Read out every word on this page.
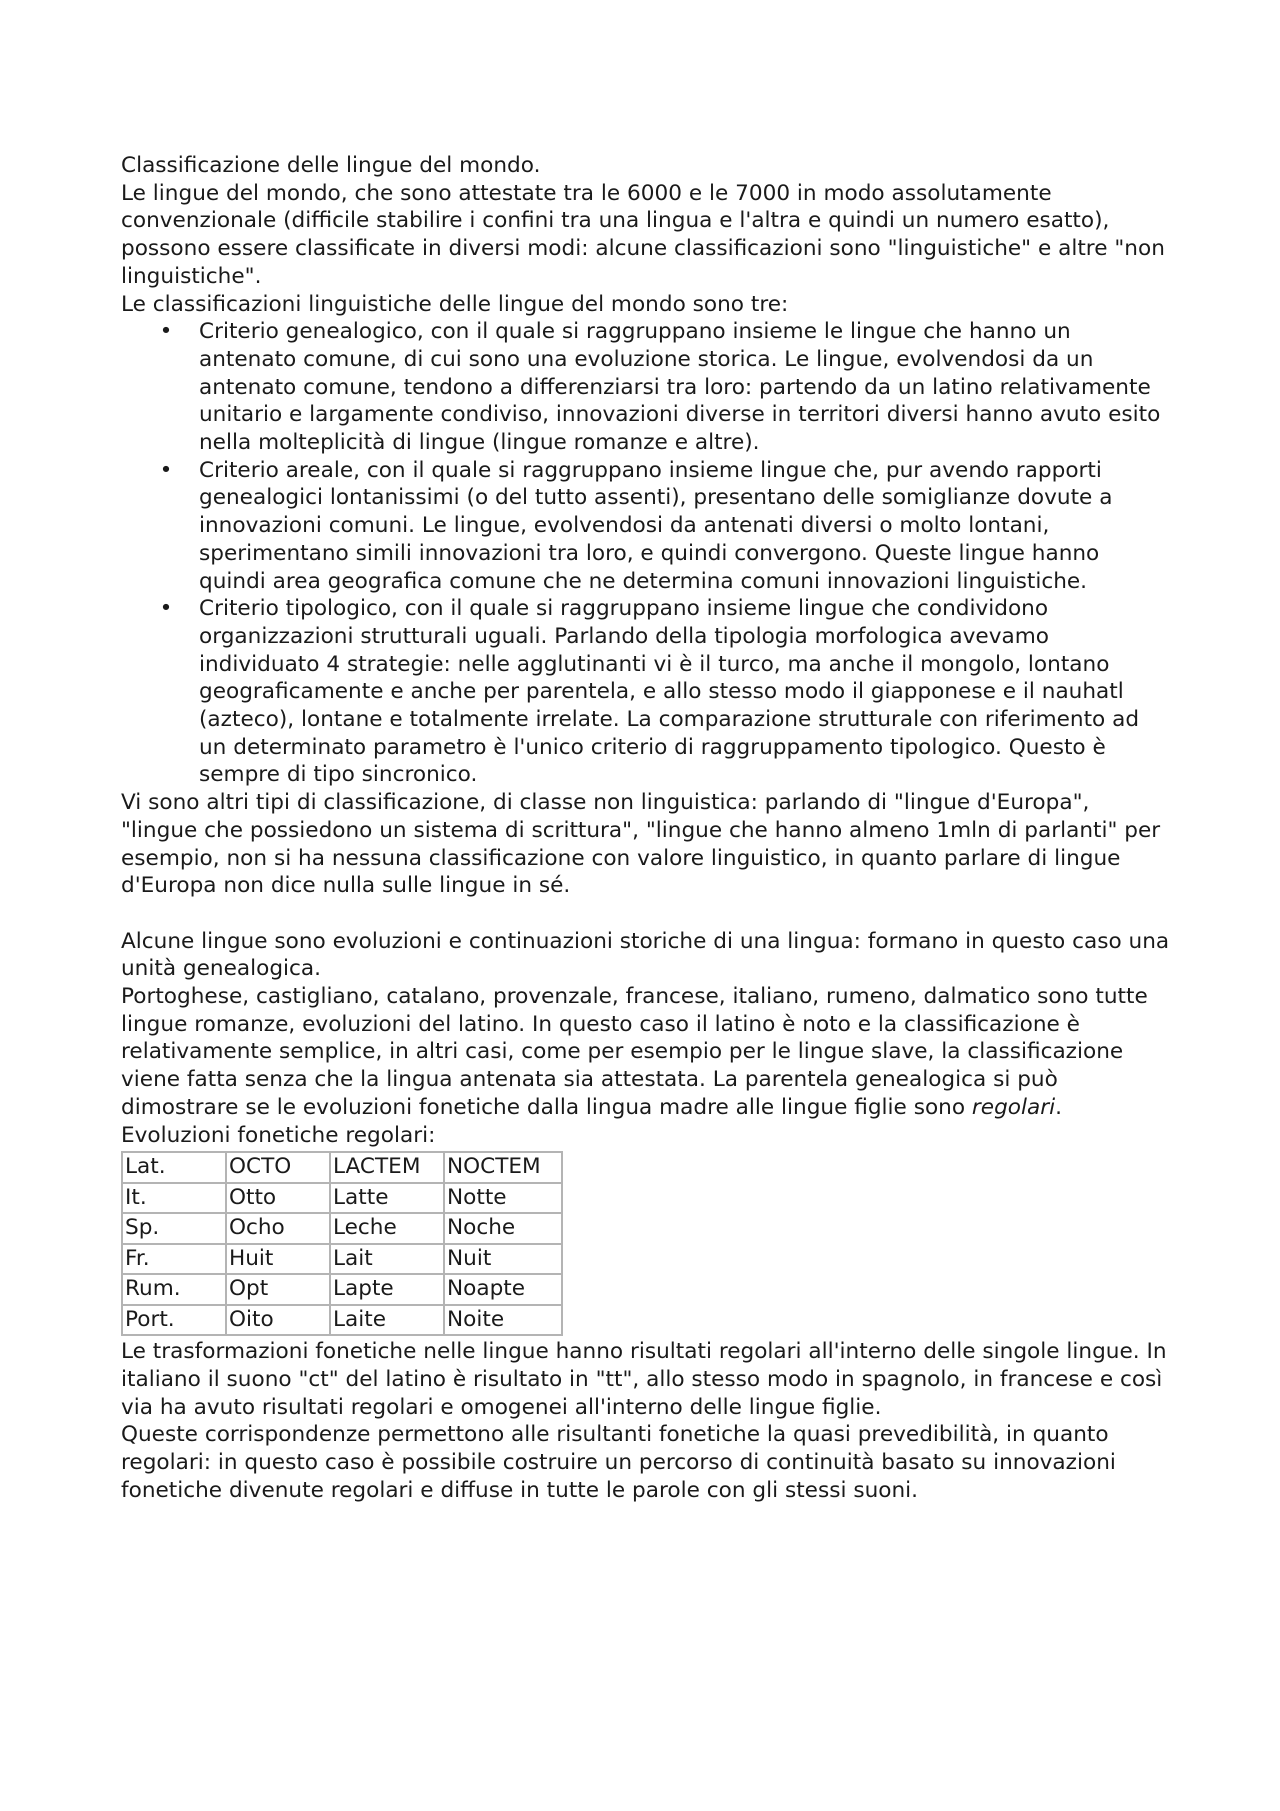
Classificazione delle lingue del mondo.

Le lingue del mondo, che sono attestate tra le 6000 e le 7000 in modo assolutamente convenzionale (difficile stabilire i confini tra una lingua e l'altra e quindi un numero esatto), possono essere classificate in diversi modi: alcune classificazioni sono "linguistiche" e altre "non linguistiche".

Le classificazioni linguistiche delle lingue del mondo sono tre:

• Criterio genealogico, con il quale si raggruppano insieme le lingue che hanno un antenato comune, di cui sono una evoluzione storica. Le lingue, evolvendosi da un antenato comune, tendono a differenziarsi tra loro: partendo da un latino relativamente unitario e largamente condiviso, innovazioni diverse in territori diversi hanno avuto esito nella molteplicità di lingue (lingue romanze e altre).
• Criterio areale, con il quale si raggruppano insieme lingue che, pur avendo rapporti genealogici lontanissimi (o del tutto assenti), presentano delle somiglianze dovute a innovazioni comuni. Le lingue, evolvendosi da antenati diversi o molto lontani, sperimentano simili innovazioni tra loro, e quindi convergono. Queste lingue hanno quindi area geografica comune che ne determina comuni innovazioni linguistiche.
• Criterio tipologico, con il quale si raggruppano insieme lingue che condividono organizzazioni strutturali uguali. Parlando della tipologia morfologica avevamo individuato 4 strategie: nelle agglutinanti vi è il turco, ma anche il mongolo, lontano geograficamente e anche per parentela, e allo stesso modo il giapponese e il nauhatl (azteco), lontane e totalmente irrelate. La comparazione strutturale con riferimento ad un determinato parametro è l'unico criterio di raggruppamento tipologico. Questo è sempre di tipo sincronico.

Vi sono altri tipi di classificazione, di classe non linguistica: parlando di "lingue d'Europa", "lingue che possiedono un sistema di scrittura", "lingue che hanno almeno 1mln di parlanti" per esempio, non si ha nessuna classificazione con valore linguistico, in quanto parlare di lingue d'Europa non dice nulla sulle lingue in sé.

Alcune lingue sono evoluzioni e continuazioni storiche di una lingua: formano in questo caso una unità genealogica.

Portoghese, castigliano, catalano, provenzale, francese, italiano, rumeno, dalmatico sono tutte lingue romanze, evoluzioni del latino. In questo caso il latino è noto e la classificazione è relativamente semplice, in altri casi, come per esempio per le lingue slave, la classificazione viene fatta senza che la lingua antenata sia attestata. La parentela genealogica si può dimostrare se le evoluzioni fonetiche dalla lingua madre alle lingue figlie sono regolari.

Evoluzioni fonetiche regolari:

Lat.	OCTO	LACTEM	NOCTEM
It.	Otto	Latte	Notte
Sp.	Ocho	Leche	Noche
Fr.	Huit	Lait	Nuit
Rum.	Opt	Lapte	Noapte
Port.	Oito	Laite	Noite

Le trasformazioni fonetiche nelle lingue hanno risultati regolari all'interno delle singole lingue. In italiano il suono "ct" del latino è risultato in "tt", allo stesso modo in spagnolo, in francese e così via ha avuto risultati regolari e omogenei all'interno delle lingue figlie.

Queste corrispondenze permettono alle risultanti fonetiche la quasi prevedibilità, in quanto regolari: in questo caso è possibile costruire un percorso di continuità basato su innovazioni fonetiche divenute regolari e diffuse in tutte le parole con gli stessi suoni.
